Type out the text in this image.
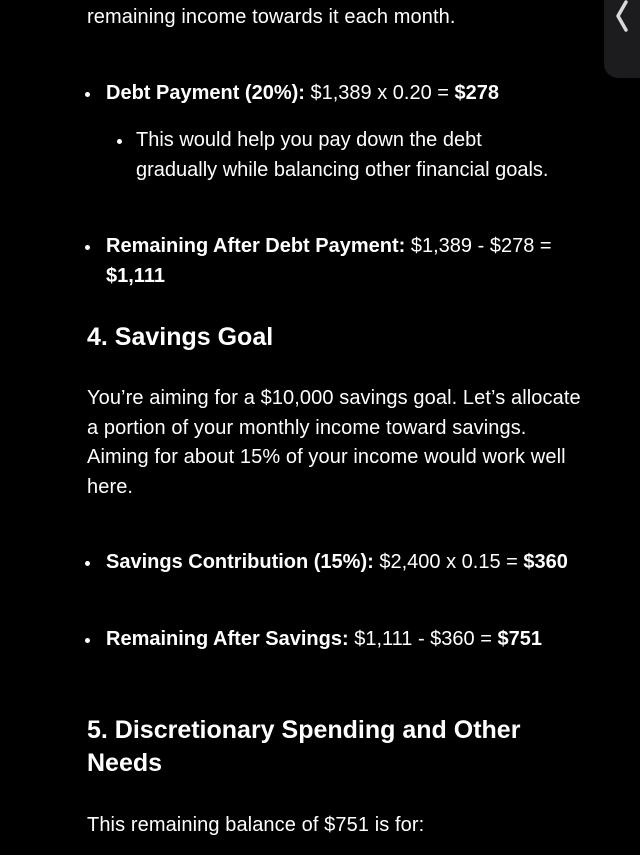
remaining income towards it each month.

Debt Payment (20%): $1,389 x 0.20 = $278
This would help you pay down the debt gradually while balancing other financial goals.
Remaining After Debt Payment: $1,389 - $278 = $1,111
4. Savings Goal

You’re aiming for a $10,000 savings goal. Let’s allocate a portion of your monthly income toward savings. Aiming for about 15% of your income would work well here.

Savings Contribution (15%): $2,400 x 0.15 = $360
Remaining After Savings: $1,111 - $360 = $751
5. Discretionary Spending and Other Needs

This remaining balance of $751 is for:
